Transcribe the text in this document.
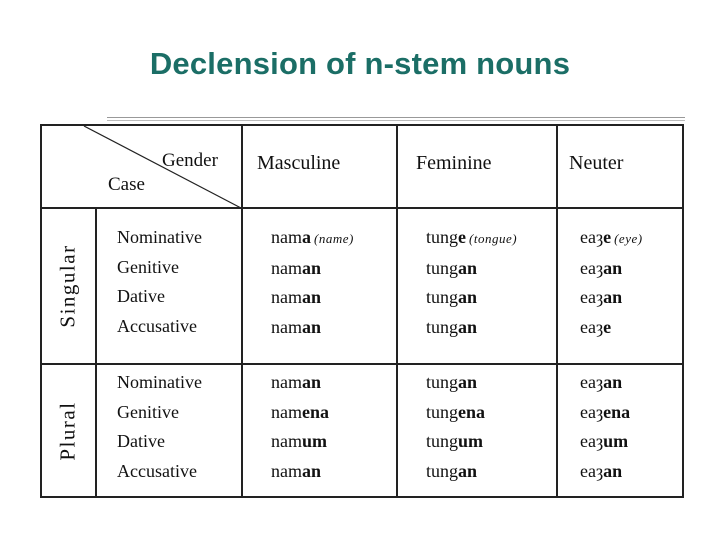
Declension of n-stem nouns
Gender
Case
Masculine	Feminine	Neuter
Singular
Plural
Nominative
Genitive
Dative
Accusative
Nominative
Genitive
Dative
Accusative
nama (name)
naman
naman
naman
tunge (tongue)
tungan
tungan
tungan
eaȝe (eye)
eaȝan
eaȝan
eaȝe
naman
namena
namum
naman
tungan
tungena
tungum
tungan
eaȝan
eaȝena
eaȝum
eaȝan
